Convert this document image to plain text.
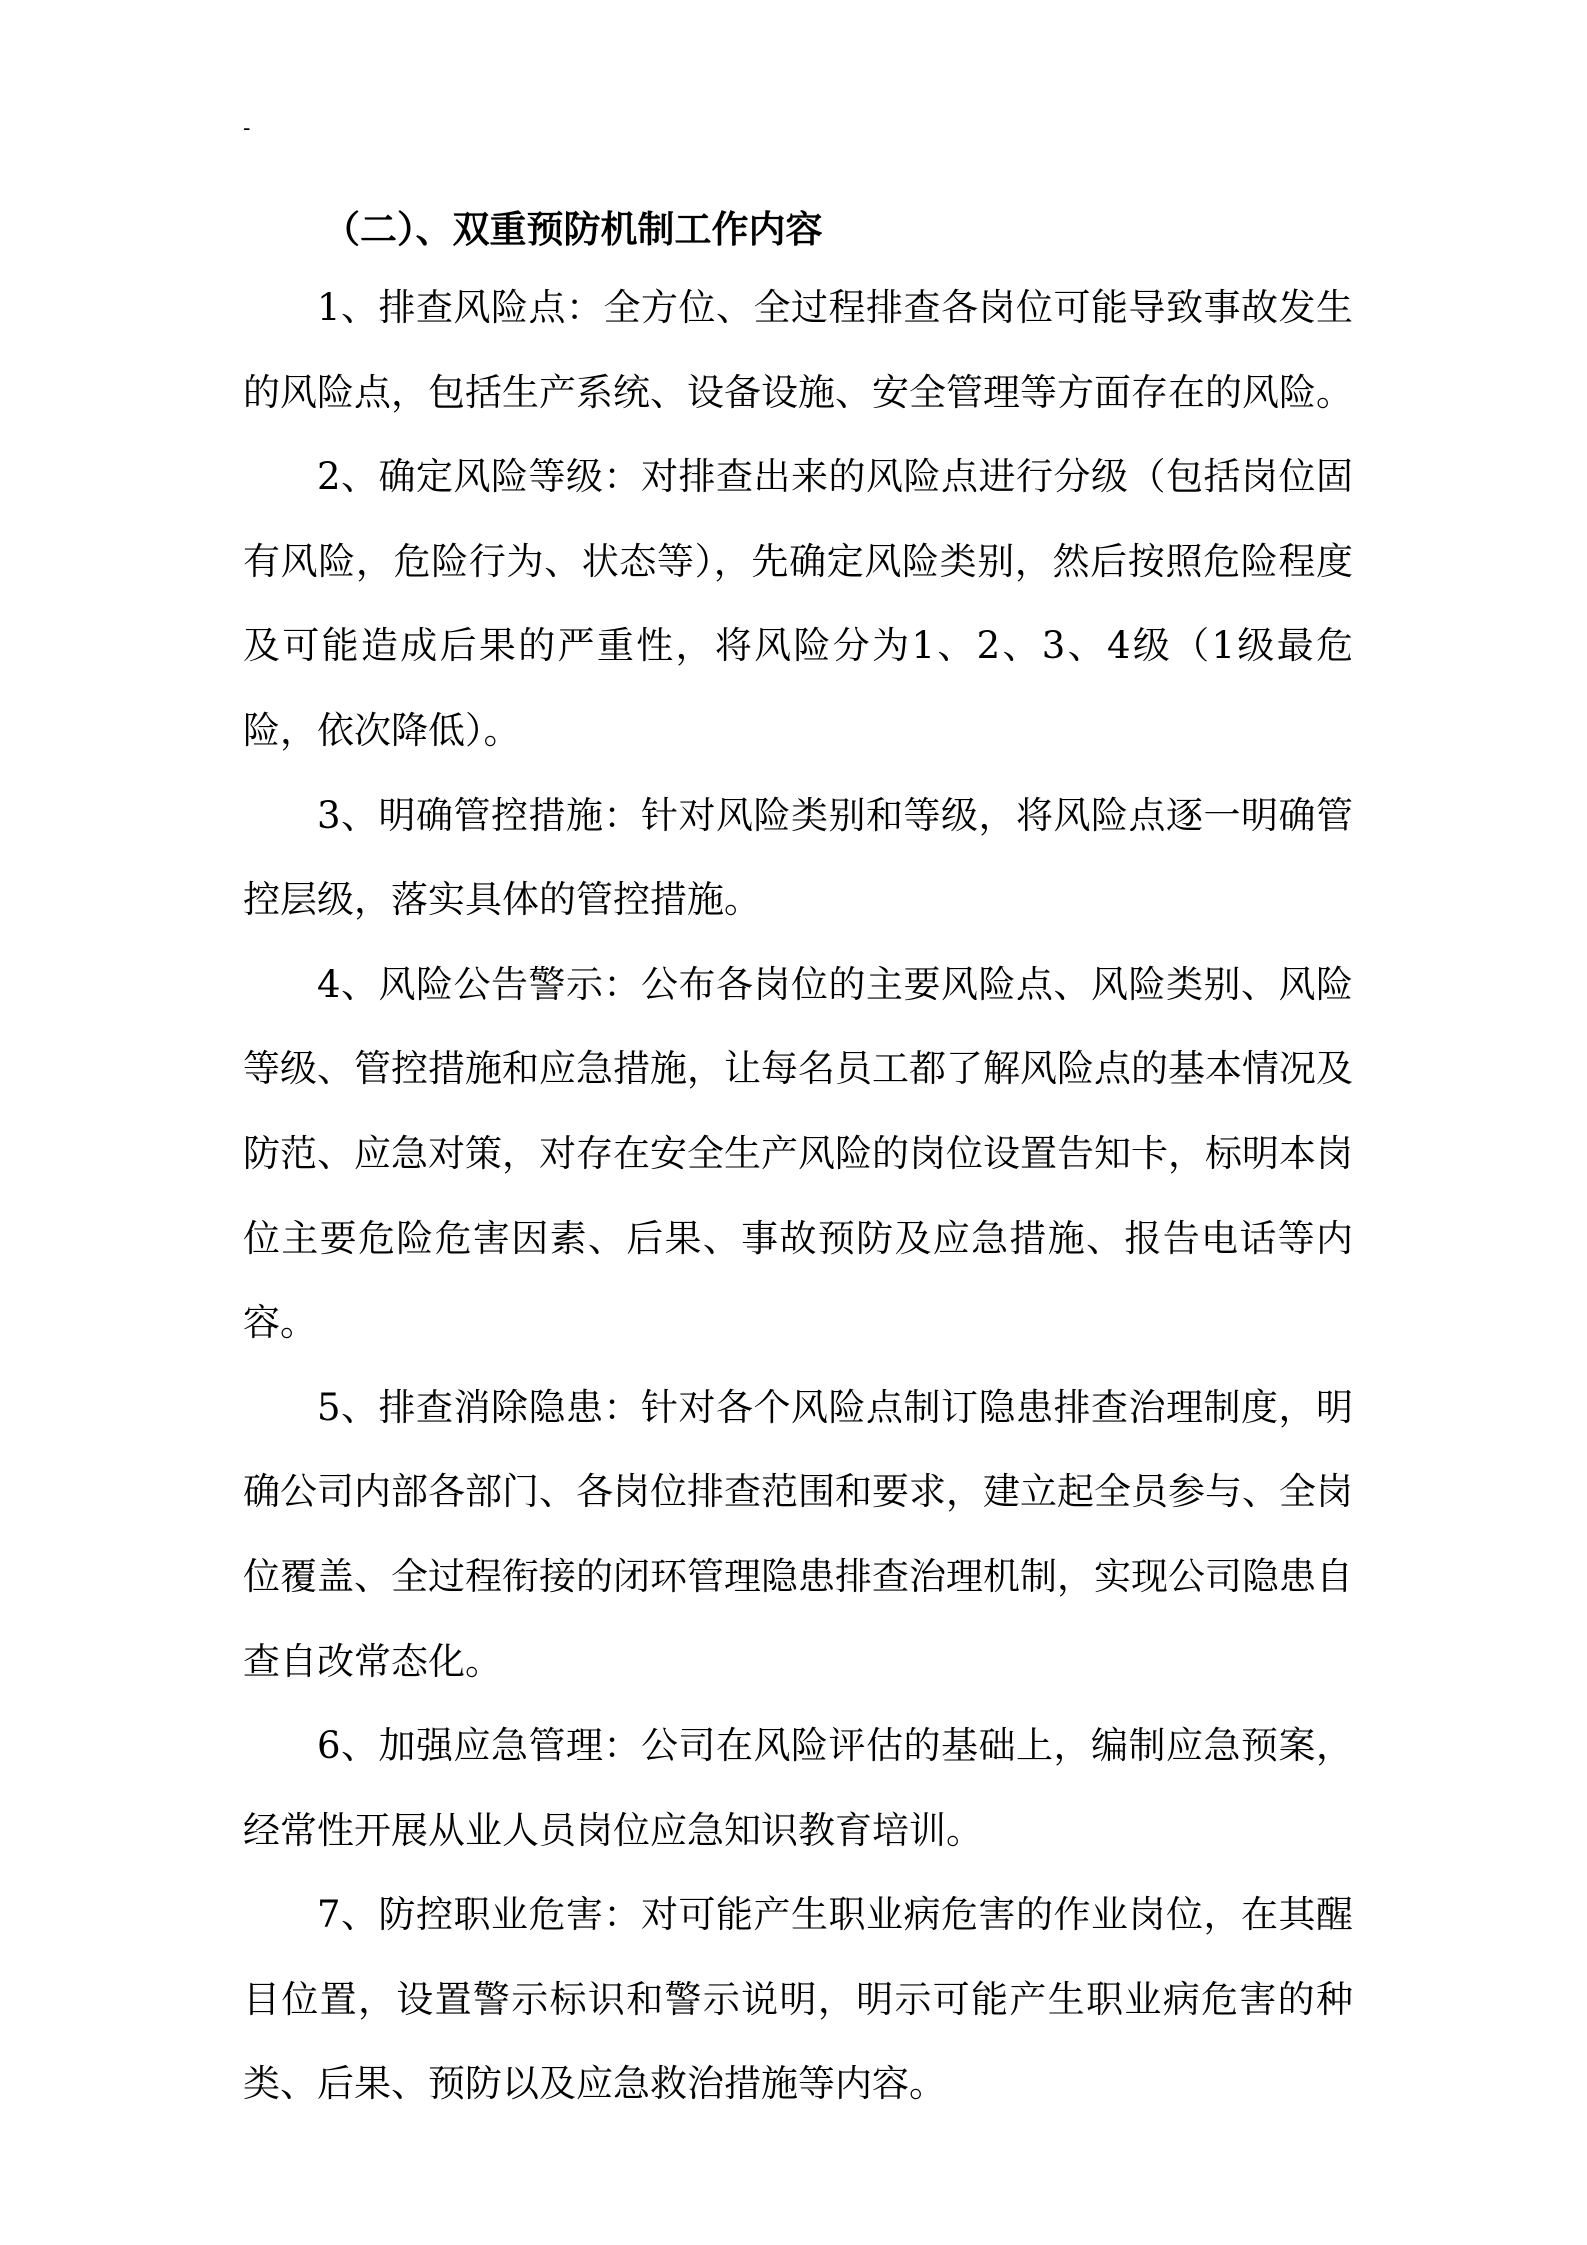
-
（二）、双重预防机制工作内容

1、排查风险点：全方位、全过程排查各岗位可能导致事故发生的风险点，包括生产系统、设备设施、安全管理等方面存在的风险。

2、确定风险等级：对排查出来的风险点进行分级（包括岗位固有风险，危险行为、状态等），先确定风险类别，然后按照危险程度及可能造成后果的严重性，将风险分为1、2、3、4级（1级最危险，依次降低）。

3、明确管控措施：针对风险类别和等级，将风险点逐一明确管控层级，落实具体的管控措施。

4、风险公告警示：公布各岗位的主要风险点、风险类别、风险等级、管控措施和应急措施，让每名员工都了解风险点的基本情况及防范、应急对策，对存在安全生产风险的岗位设置告知卡，标明本岗位主要危险危害因素、后果、事故预防及应急措施、报告电话等内容。

5、排查消除隐患：针对各个风险点制订隐患排查治理制度，明确公司内部各部门、各岗位排查范围和要求，建立起全员参与、全岗位覆盖、全过程衔接的闭环管理隐患排查治理机制，实现公司隐患自查自改常态化。

6、加强应急管理：公司在风险评估的基础上，编制应急预案，经常性开展从业人员岗位应急知识教育培训。

7、防控职业危害：对可能产生职业病危害的作业岗位，在其醒目位置，设置警示标识和警示说明，明示可能产生职业病危害的种类、后果、预防以及应急救治措施等内容。
